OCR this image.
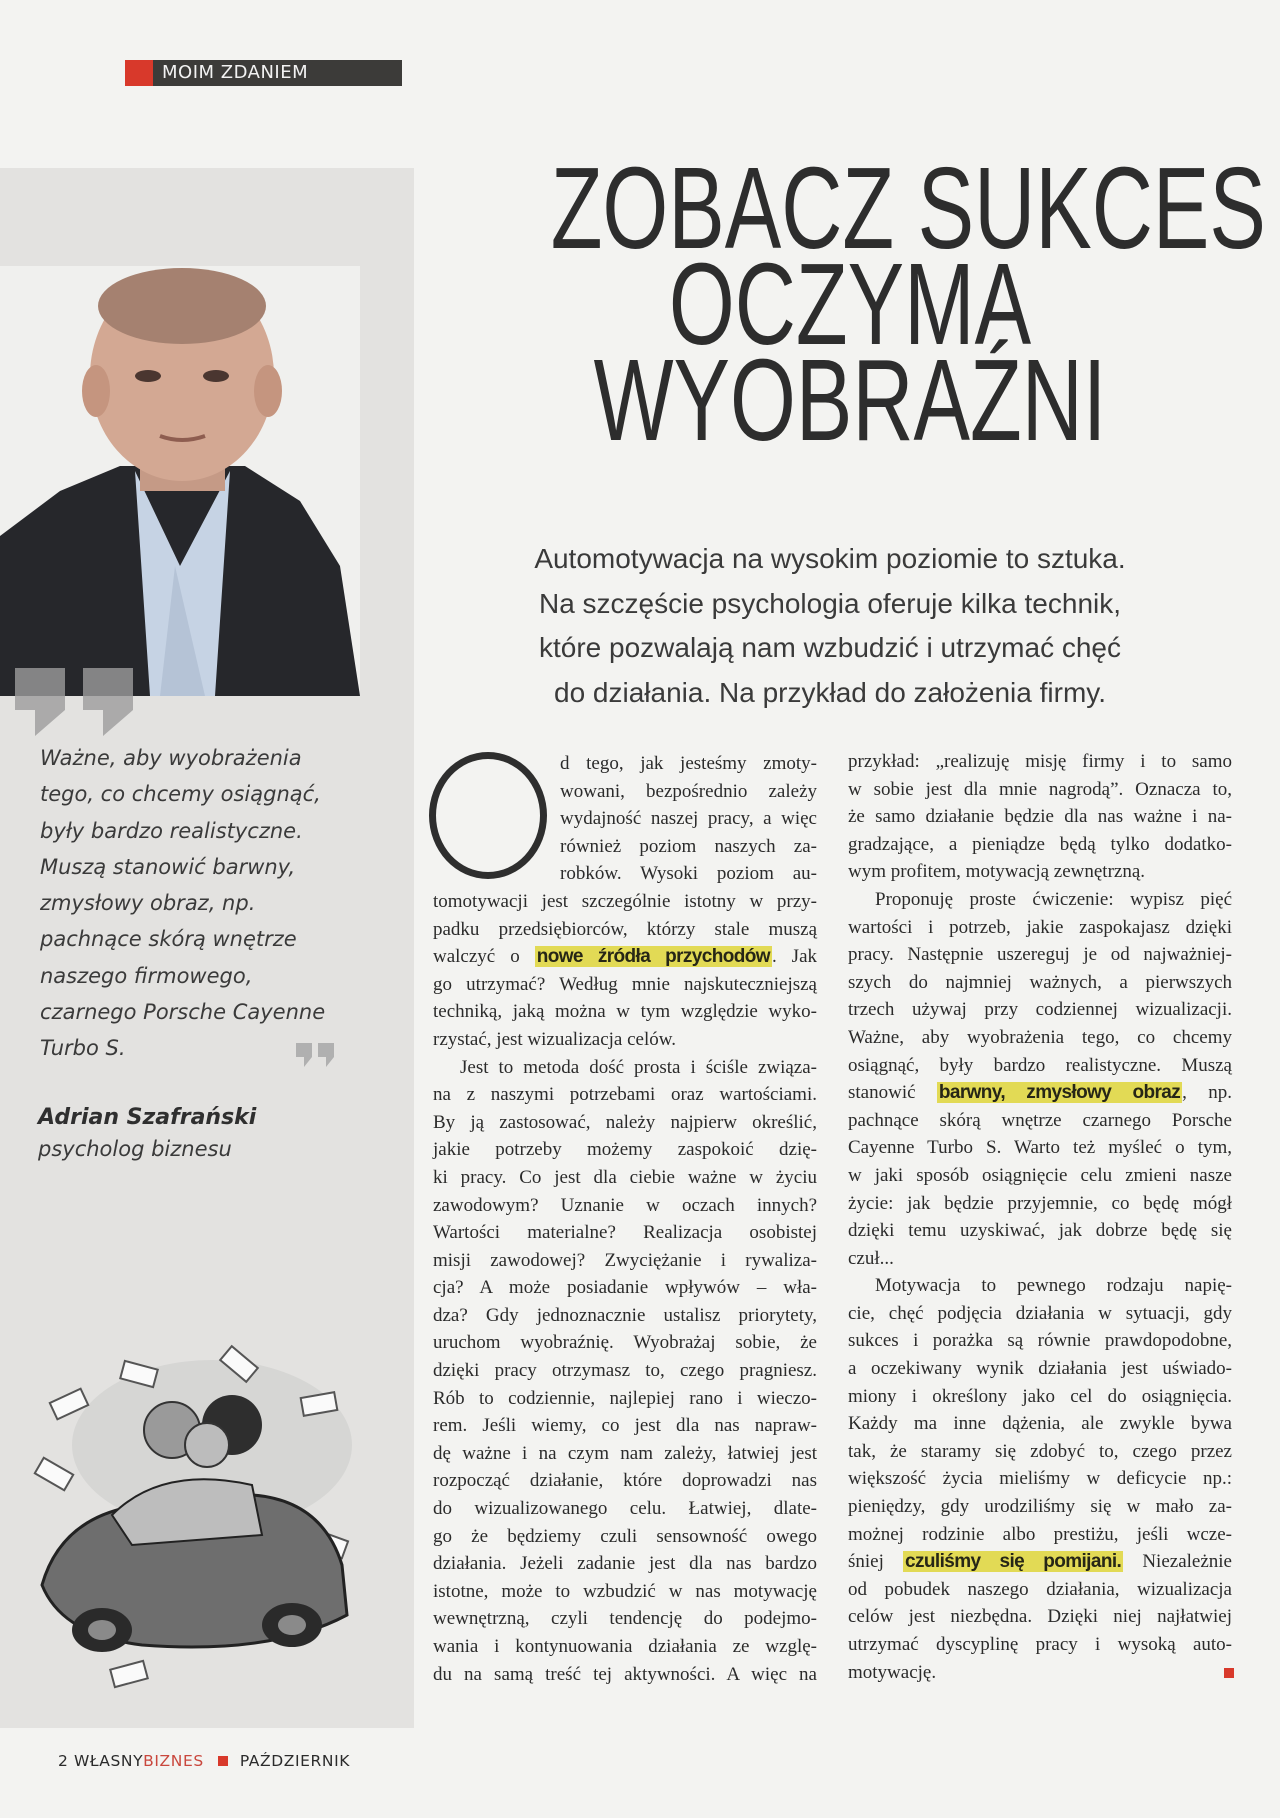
MOIM ZDANIEM
Ważne, aby wyobrażenia
tego, co chcemy osiągnąć,
były bardzo realistyczne.
Muszą stanowić barwny,
zmysłowy obraz, np.
pachnące skórą wnętrze
naszego firmowego,
czarnego Porsche Cayenne
Turbo S.
Adrian Szafrański
psycholog biznesu
ZOBACZ SUKCES
OCZYMA
WYOBRAŹNI
Automotywacja na wysokim poziomie to sztuka.
Na szczęście psychologia oferuje kilka technik,
które pozwalają nam wzbudzić i utrzymać chęć
do działania. Na przykład do założenia firmy.
d tego, jak jesteśmy zmoty-
wowani, bezpośrednio zależy
wydajność naszej pracy, a więc
również poziom naszych za-
robków. Wysoki poziom au-
tomotywacji jest szczególnie istotny w przy-
padku przedsiębiorców, którzy stale muszą
walczyć o nowe źródła przychodów . Jak
go utrzymać? Według mnie najskuteczniejszą
techniką, jaką można w tym względzie wyko-
rzystać, jest wizualizacja celów.
Jest to metoda dość prosta i ściśle związa-
na z naszymi potrzebami oraz wartościami.
By ją zastosować, należy najpierw określić,
jakie potrzeby możemy zaspokoić dzię-
ki pracy. Co jest dla ciebie ważne w życiu
zawodowym? Uznanie w oczach innych?
Wartości materialne? Realizacja osobistej
misji zawodowej? Zwyciężanie i rywaliza-
cja? A może posiadanie wpływów – wła-
dza? Gdy jednoznacznie ustalisz priorytety,
uruchom wyobraźnię. Wyobrażaj sobie, że
dzięki pracy otrzymasz to, czego pragniesz.
Rób to codziennie, najlepiej rano i wieczo-
rem. Jeśli wiemy, co jest dla nas napraw-
dę ważne i na czym nam zależy, łatwiej jest
rozpocząć działanie, które doprowadzi nas
do wizualizowanego celu. Łatwiej, dlate-
go że będziemy czuli sensowność owego
działania. Jeżeli zadanie jest dla nas bardzo
istotne, może to wzbudzić w nas motywację
wewnętrzną, czyli tendencję do podejmo-
wania i kontynuowania działania ze wzglę-
du na samą treść tej aktywności. A więc na
przykład: „realizuję misję firmy i to samo
w sobie jest dla mnie nagrodą”. Oznacza to,
że samo działanie będzie dla nas ważne i na-
gradzające, a pieniądze będą tylko dodatko-
wym profitem, motywacją zewnętrzną.
Proponuję proste ćwiczenie: wypisz pięć
wartości i potrzeb, jakie zaspokajasz dzięki
pracy. Następnie uszereguj je od najważniej-
szych do najmniej ważnych, a pierwszych
trzech używaj przy codziennej wizualizacji.
Ważne, aby wyobrażenia tego, co chcemy
osiągnąć, były bardzo realistyczne. Muszą
stanowić barwny, zmysłowy obraz , np.
pachnące skórą wnętrze czarnego Porsche
Cayenne Turbo S. Warto też myśleć o tym,
w jaki sposób osiągnięcie celu zmieni nasze
życie: jak będzie przyjemnie, co będę mógł
dzięki temu uzyskiwać, jak dobrze będę się
czuł...
Motywacja to pewnego rodzaju napię-
cie, chęć podjęcia działania w sytuacji, gdy
sukces i porażka są równie prawdopodobne,
a oczekiwany wynik działania jest uświado-
miony i określony jako cel do osiągnięcia.
Każdy ma inne dążenia, ale zwykle bywa
tak, że staramy się zdobyć to, czego przez
większość życia mieliśmy w deficycie np.:
pieniędzy, gdy urodziliśmy się w mało za-
możnej rodzinie albo prestiżu, jeśli wcze-
śniej czuliśmy się pomijani. Niezależnie
od pobudek naszego działania, wizualizacja
celów jest niezbędna. Dzięki niej najłatwiej
utrzymać dyscyplinę pracy i wysoką auto-
motywację.
2 WŁASNYBIZNES PAŹDZIERNIK
